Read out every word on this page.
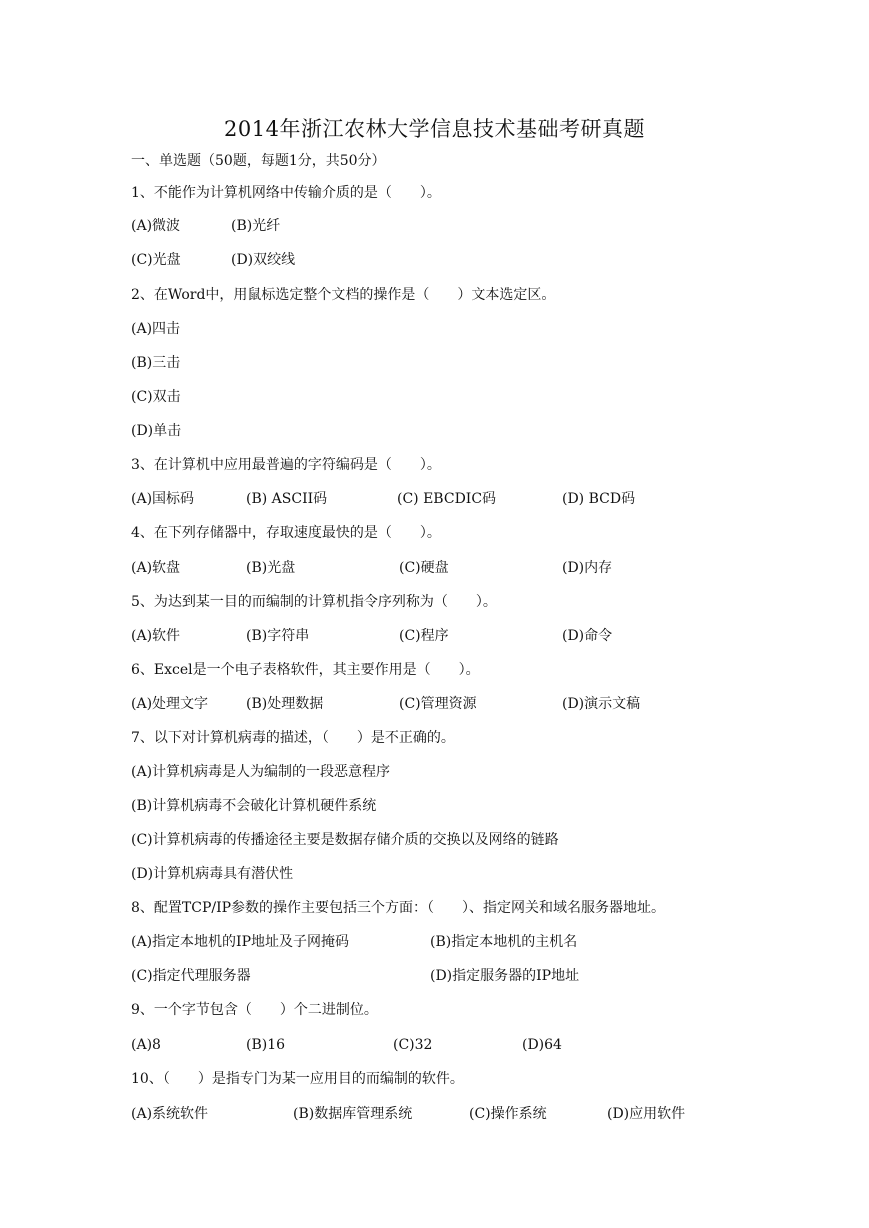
2014年浙江农林大学信息技术基础考研真题
一、单选题（50题，每题1分，共50分）
1、不能作为计算机网络中传输介质的是（　　）。
(A)微波	(B)光纤
(C)光盘	(D)双绞线
2、在Word中，用鼠标选定整个文档的操作是（　　）文本选定区。
(A)四击
(B)三击
(C)双击
(D)单击
3、在计算机中应用最普遍的字符编码是（　　）。
(A)国标码	(B) ASCII码	(C) EBCDIC码	(D) BCD码
4、在下列存储器中，存取速度最快的是（　　）。
(A)软盘	(B)光盘	(C)硬盘	(D)内存
5、为达到某一目的而编制的计算机指令序列称为（　　）。
(A)软件	(B)字符串	(C)程序	(D)命令
6、Excel是一个电子表格软件，其主要作用是（　　）。
(A)处理文字	(B)处理数据	(C)管理资源	(D)演示文稿
7、以下对计算机病毒的描述，（　　）是不正确的。
(A)计算机病毒是人为编制的一段恶意程序
(B)计算机病毒不会破化计算机硬件系统
(C)计算机病毒的传播途径主要是数据存储介质的交换以及网络的链路
(D)计算机病毒具有潜伏性
8、配置TCP/IP参数的操作主要包括三个方面：（　　）、指定网关和域名服务器地址。
(A)指定本地机的IP地址及子网掩码	(B)指定本地机的主机名
(C)指定代理服务器	(D)指定服务器的IP地址
9、一个字节包含（　　）个二进制位。
(A)8	(B)16	(C)32	(D)64
10、（　　）是指专门为某一应用目的而编制的软件。
(A)系统软件	(B)数据库管理系统	(C)操作系统	(D)应用软件
